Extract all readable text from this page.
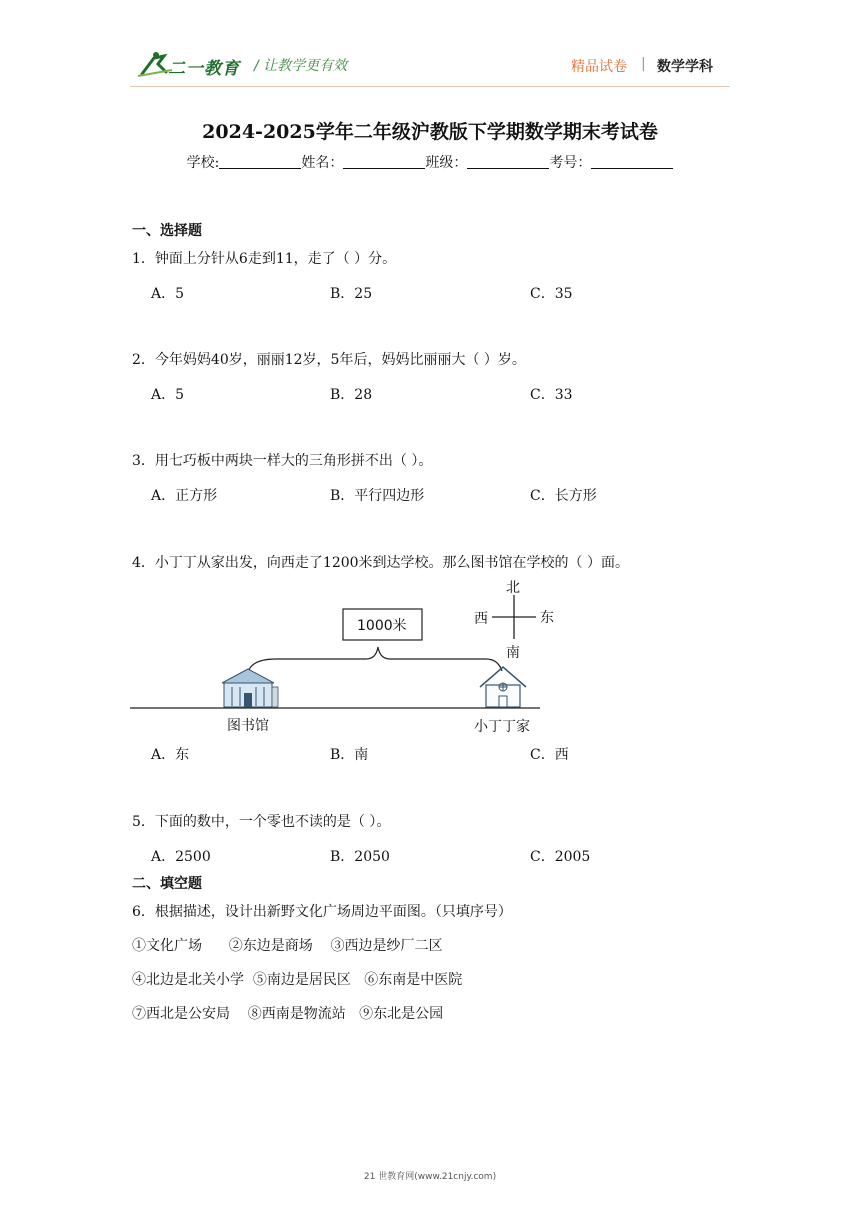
二一教育 / 让教学更有效	精品试卷 | 数学学科
2024-2025学年二年级沪教版下学期数学期末考试卷
学校:	姓名：	班级：	考号：
一、选择题
1．钟面上分针从6走到11，走了（ ）分。
A．5	B．25	C．35
2．今年妈妈40岁，丽丽12岁，5年后，妈妈比丽丽大（ ）岁。
A．5	B．28	C．33
3．用七巧板中两块一样大的三角形拼不出（ ）。
A．正方形	B．平行四边形	C．长方形
4．小丁丁从家出发，向西走了1200米到达学校。那么图书馆在学校的（ ）面。
1000米
北
南
西	东
图书馆	小丁丁家
A．东	B．南	C．西
5．下面的数中，一个零也不读的是（ ）。
A．2500	B．2050	C．2005
二、填空题
6．根据描述，设计出新野文化广场周边平面图。（只填序号）
①文化广场      ②东边是商场    ③西边是纱厂二区
④北边是北关小学  ⑤南边是居民区   ⑥东南是中医院
⑦西北是公安局    ⑧西南是物流站   ⑨东北是公园
21 世教育网(www.21cnjy.com)
